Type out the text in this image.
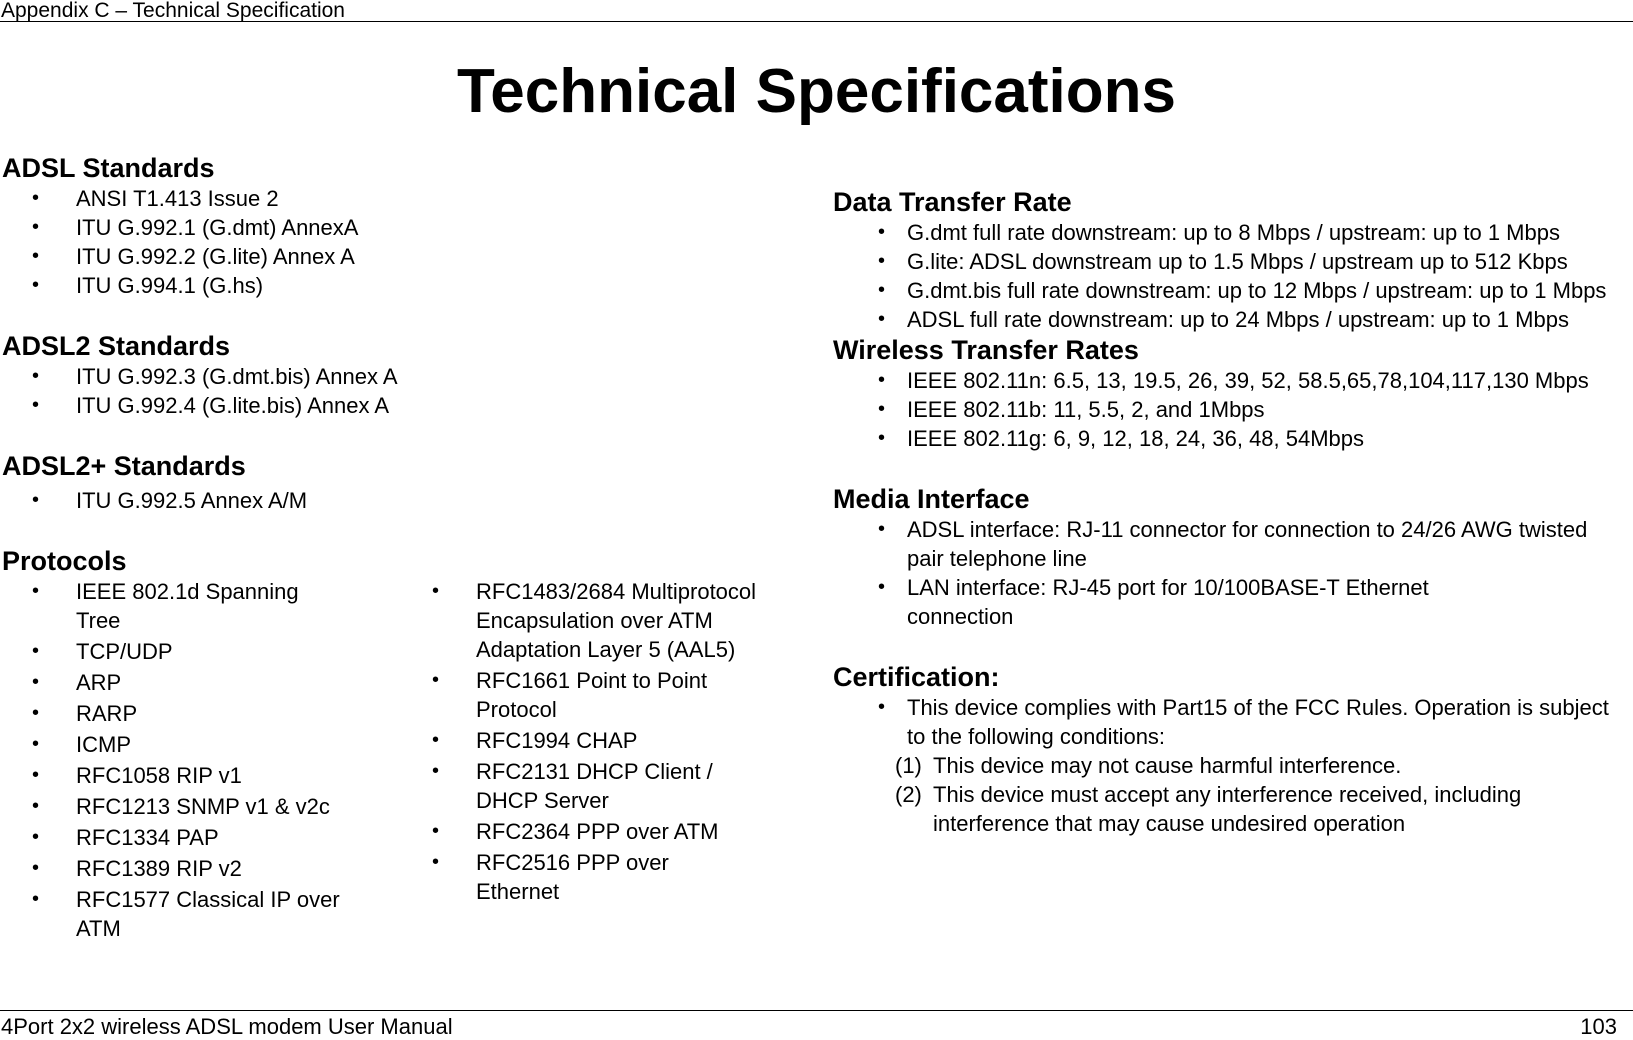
Appendix C – Technical Specification
Technical Specifications
ADSL Standards
• ANSI T1.413 Issue 2
• ITU G.992.1 (G.dmt) AnnexA
• ITU G.992.2 (G.lite) Annex A
• ITU G.994.1 (G.hs)
ADSL2 Standards
• ITU G.992.3 (G.dmt.bis) Annex A
• ITU G.992.4 (G.lite.bis) Annex A
ADSL2+ Standards
• ITU G.992.5 Annex A/M
Protocols
• IEEE 802.1d Spanning Tree
• TCP/UDP
• ARP
• RARP
• ICMP
• RFC1058 RIP v1
• RFC1213 SNMP v1 & v2c
• RFC1334 PAP
• RFC1389 RIP v2
• RFC1577 Classical IP over ATM
• RFC1483/2684 Multiprotocol Encapsulation over ATM Adaptation Layer 5 (AAL5)
• RFC1661 Point to Point Protocol
• RFC1994 CHAP
• RFC2131 DHCP Client / DHCP Server
• RFC2364 PPP over ATM
• RFC2516 PPP over Ethernet
Data Transfer Rate
• G.dmt full rate downstream: up to 8 Mbps / upstream: up to 1 Mbps
• G.lite: ADSL downstream up to 1.5 Mbps / upstream up to 512 Kbps
• G.dmt.bis full rate downstream: up to 12 Mbps / upstream: up to 1 Mbps
• ADSL full rate downstream: up to 24 Mbps / upstream: up to 1 Mbps
Wireless Transfer Rates
• IEEE 802.11n: 6.5, 13, 19.5, 26, 39, 52, 58.5,65,78,104,117,130 Mbps
• IEEE 802.11b: 11, 5.5, 2, and 1Mbps
• IEEE 802.11g: 6, 9, 12, 18, 24, 36, 48, 54Mbps
Media Interface
• ADSL interface: RJ-11 connector for connection to 24/26 AWG twisted pair telephone line
• LAN interface: RJ-45 port for 10/100BASE-T Ethernet connection
Certification:
• This device complies with Part15 of the FCC Rules. Operation is subject to the following conditions:
(1) This device may not cause harmful interference.
(2) This device must accept any interference received, including
interference that may cause undesired operation
4Port 2x2 wireless ADSL modem User Manual	103
